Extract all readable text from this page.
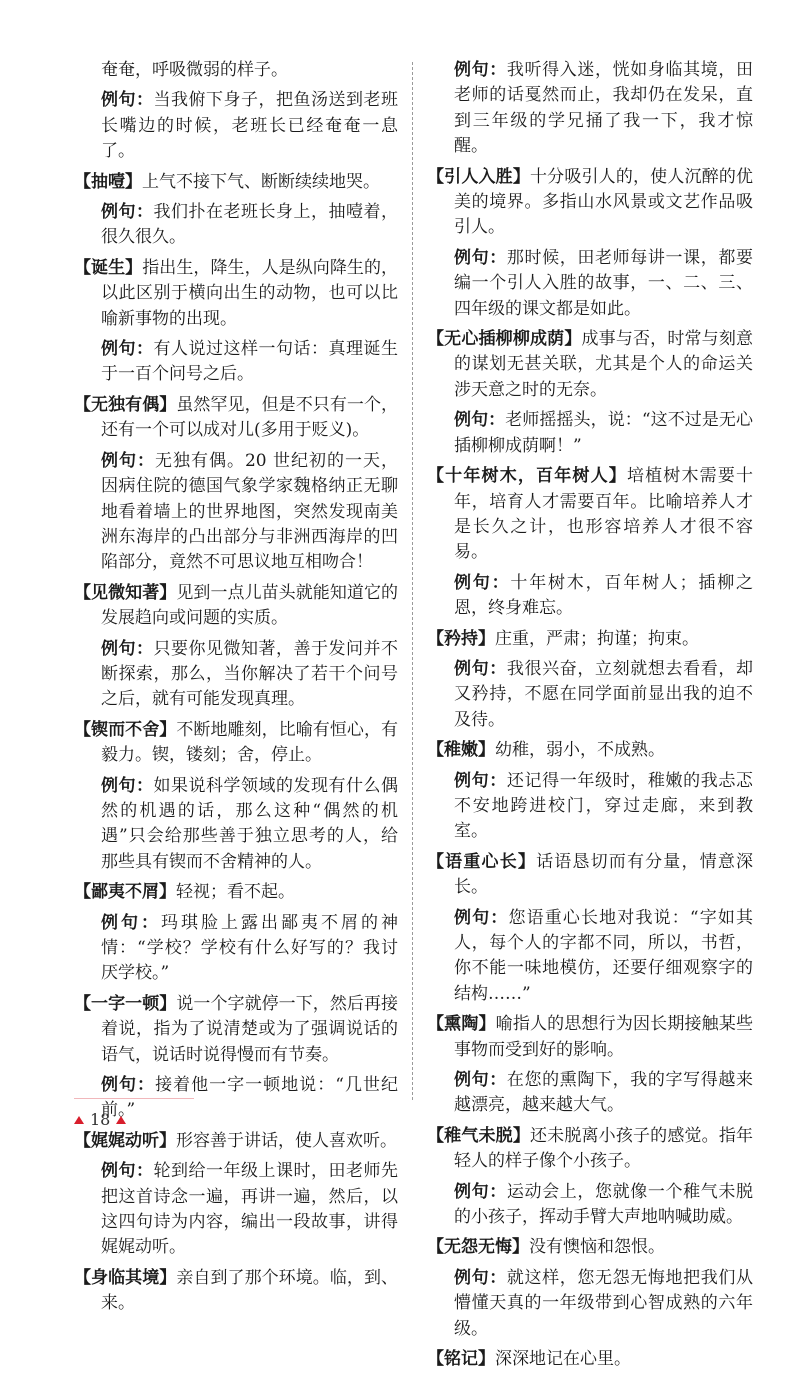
奄奄，呼吸微弱的样子。

例句：当我俯下身子，把鱼汤送到老班长嘴边的时候，老班长已经奄奄一息了。

【抽噎】上气不接下气、断断续续地哭。

例句：我们扑在老班长身上，抽噎着，很久很久。

【诞生】指出生，降生，人是纵向降生的，以此区别于横向出生的动物，也可以比喻新事物的出现。

例句：有人说过这样一句话：真理诞生于一百个问号之后。

【无独有偶】虽然罕见，但是不只有一个，还有一个可以成对儿(多用于贬义)。

例句：无独有偶。20 世纪初的一天，因病住院的德国气象学家魏格纳正无聊地看着墙上的世界地图，突然发现南美洲东海岸的凸出部分与非洲西海岸的凹陷部分，竟然不可思议地互相吻合！

【见微知著】见到一点儿苗头就能知道它的发展趋向或问题的实质。

例句：只要你见微知著，善于发问并不断探索，那么，当你解决了若干个问号之后，就有可能发现真理。

【锲而不舍】不断地雕刻，比喻有恒心，有毅力。锲，镂刻；舍，停止。

例句：如果说科学领域的发现有什么偶然的机遇的话，那么这种“偶然的机遇”只会给那些善于独立思考的人，给那些具有锲而不舍精神的人。

【鄙夷不屑】轻视；看不起。

例句：玛琪脸上露出鄙夷不屑的神情：“学校？学校有什么好写的？我讨厌学校。”

【一字一顿】说一个字就停一下，然后再接着说，指为了说清楚或为了强调说话的语气，说话时说得慢而有节奏。

例句：接着他一字一顿地说：“几世纪前。”

【娓娓动听】形容善于讲话，使人喜欢听。

例句：轮到给一年级上课时，田老师先把这首诗念一遍，再讲一遍，然后，以这四句诗为内容，编出一段故事，讲得娓娓动听。

【身临其境】亲自到了那个环境。临，到、来。

例句：我听得入迷，恍如身临其境，田老师的话戛然而止，我却仍在发呆，直到三年级的学兄捅了我一下，我才惊醒。

【引人入胜】十分吸引人的，使人沉醉的优美的境界。多指山水风景或文艺作品吸引人。

例句：那时候，田老师每讲一课，都要编一个引人入胜的故事，一、二、三、四年级的课文都是如此。

【无心插柳柳成荫】成事与否，时常与刻意的谋划无甚关联，尤其是个人的命运关涉天意之时的无奈。

例句：老师摇摇头，说：“这不过是无心插柳柳成荫啊！”

【十年树木，百年树人】培植树木需要十年，培育人才需要百年。比喻培养人才是长久之计，也形容培养人才很不容易。

例句：十年树木，百年树人；插柳之恩，终身难忘。

【矜持】庄重，严肃；拘谨；拘束。

例句：我很兴奋，立刻就想去看看，却又矜持，不愿在同学面前显出我的迫不及待。

【稚嫩】幼稚，弱小，不成熟。

例句：还记得一年级时，稚嫩的我忐忑不安地跨进校门，穿过走廊，来到教室。

【语重心长】话语恳切而有分量，情意深长。

例句：您语重心长地对我说：“字如其人，每个人的字都不同，所以，书哲，你不能一味地模仿，还要仔细观察字的结构……”

【熏陶】喻指人的思想行为因长期接触某些事物而受到好的影响。

例句：在您的熏陶下，我的字写得越来越漂亮，越来越大气。

【稚气未脱】还未脱离小孩子的感觉。指年轻人的样子像个小孩子。

例句：运动会上，您就像一个稚气未脱的小孩子，挥动手臂大声地呐喊助威。

【无怨无悔】没有懊恼和怨恨。

例句：就这样，您无怨无悔地把我们从懵懂天真的一年级带到心智成熟的六年级。

【铭记】深深地记在心里。

18
